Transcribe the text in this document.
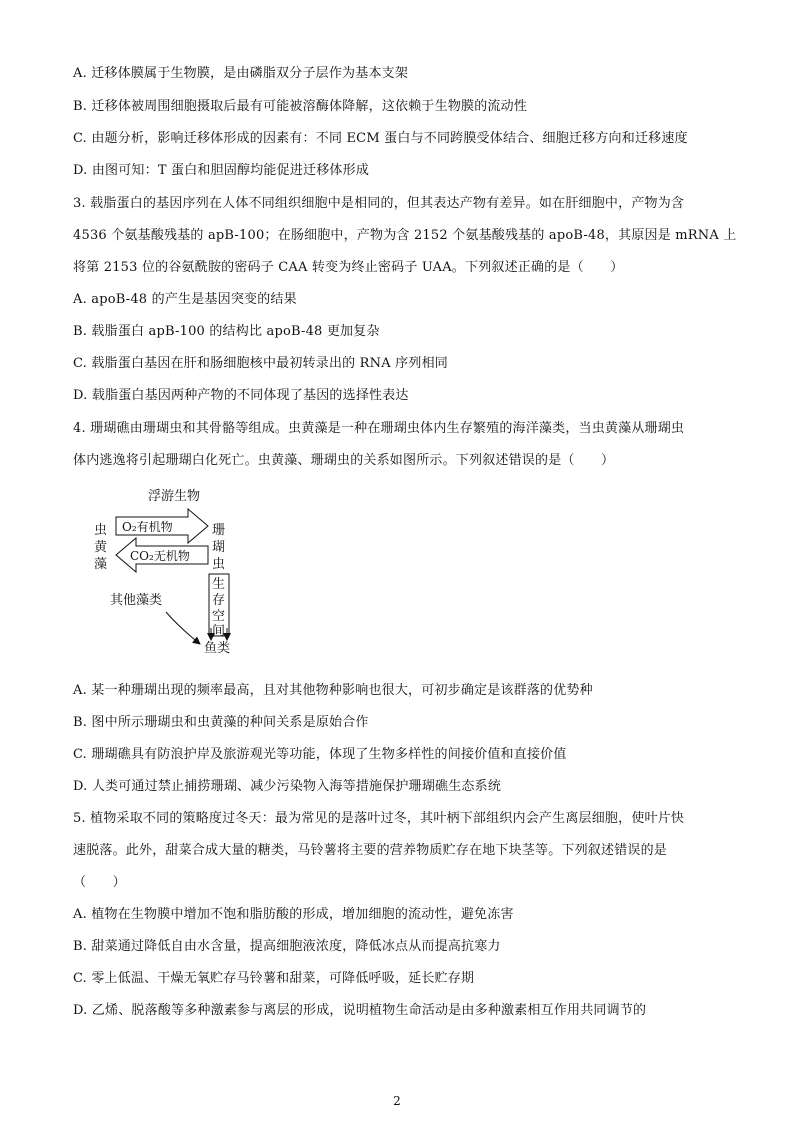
A. 迁移体膜属于生物膜，是由磷脂双分子层作为基本支架
B. 迁移体被周围细胞摄取后最有可能被溶酶体降解，这依赖于生物膜的流动性
C. 由题分析，影响迁移体形成的因素有：不同 ECM 蛋白与不同跨膜受体结合、细胞迁移方向和迁移速度
D. 由图可知：T 蛋白和胆固醇均能促进迁移体形成
3. 载脂蛋白的基因序列在人体不同组织细胞中是相同的，但其表达产物有差异。如在肝细胞中，产物为含
4536 个氨基酸残基的 apB-100；在肠细胞中，产物为含 2152 个氨基酸残基的 apoB-48，其原因是 mRNA 上
将第 2153 位的谷氨酰胺的密码子 CAA 转变为终止密码子 UAA。下列叙述正确的是（　　）
A. apoB-48 的产生是基因突变的结果
B. 载脂蛋白 apB-100 的结构比 apoB-48 更加复杂
C. 载脂蛋白基因在肝和肠细胞核中最初转录出的 RNA 序列相同
D. 载脂蛋白基因两种产物的不同体现了基因的选择性表达
4. 珊瑚礁由珊瑚虫和其骨骼等组成。虫黄藻是一种在珊瑚虫体内生存繁殖的海洋藻类，当虫黄藻从珊瑚虫
体内逃逸将引起珊瑚白化死亡。虫黄藻、珊瑚虫的关系如图所示。下列叙述错误的是（　　）
浮游生物
虫
黄
藻
珊
瑚
虫
O₂有机物
CO₂无机物
生
存
空
间
其他藻类
鱼类
A. 某一种珊瑚出现的频率最高，且对其他物种影响也很大，可初步确定是该群落的优势种
B. 图中所示珊瑚虫和虫黄藻的种间关系是原始合作
C. 珊瑚礁具有防浪护岸及旅游观光等功能，体现了生物多样性的间接价值和直接价值
D. 人类可通过禁止捕捞珊瑚、减少污染物入海等措施保护珊瑚礁生态系统
5. 植物采取不同的策略度过冬天：最为常见的是落叶过冬，其叶柄下部组织内会产生离层细胞，使叶片快
速脱落。此外，甜菜合成大量的糖类，马铃薯将主要的营养物质贮存在地下块茎等。下列叙述错误的是
（　　）
A. 植物在生物膜中增加不饱和脂肪酸的形成，增加细胞的流动性，避免冻害
B. 甜菜通过降低自由水含量，提高细胞液浓度，降低冰点从而提高抗寒力
C. 零上低温、干燥无氧贮存马铃薯和甜菜，可降低呼吸，延长贮存期
D. 乙烯、脱落酸等多种激素参与离层的形成，说明植物生命活动是由多种激素相互作用共同调节的
2
